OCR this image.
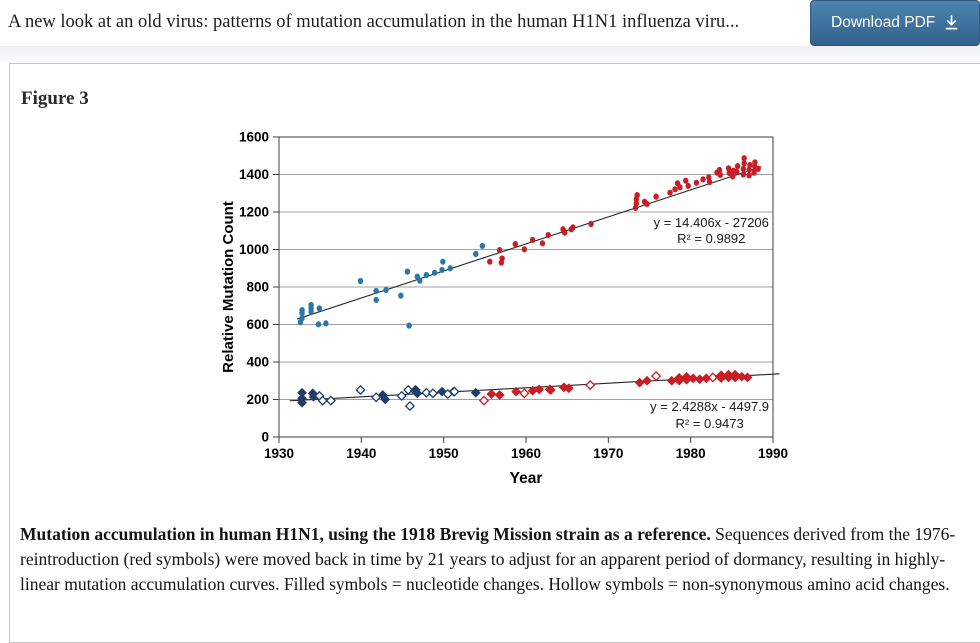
A new look at an old virus: patterns of mutation accumulation in the human H1N1 influenza viru...	Download PDF
Figure 3
0
200
400
600
800
1000
1200
1400
1600
1930	1940	1950	1960	1970	1980	1990
Relative Mutation Count
Year
y = 14.406x - 27206
R² = 0.9892
y = 2.4288x - 4497.9
R² = 0.9473

Mutation accumulation in human H1N1, using the 1918 Brevig Mission strain as a reference. Sequences derived from the 1976-reintroduction (red symbols) were moved back in time by 21 years to adjust for an apparent period of dormancy, resulting in highly-linear mutation accumulation curves. Filled symbols = nucleotide changes. Hollow symbols = non-synonymous amino acid changes.
